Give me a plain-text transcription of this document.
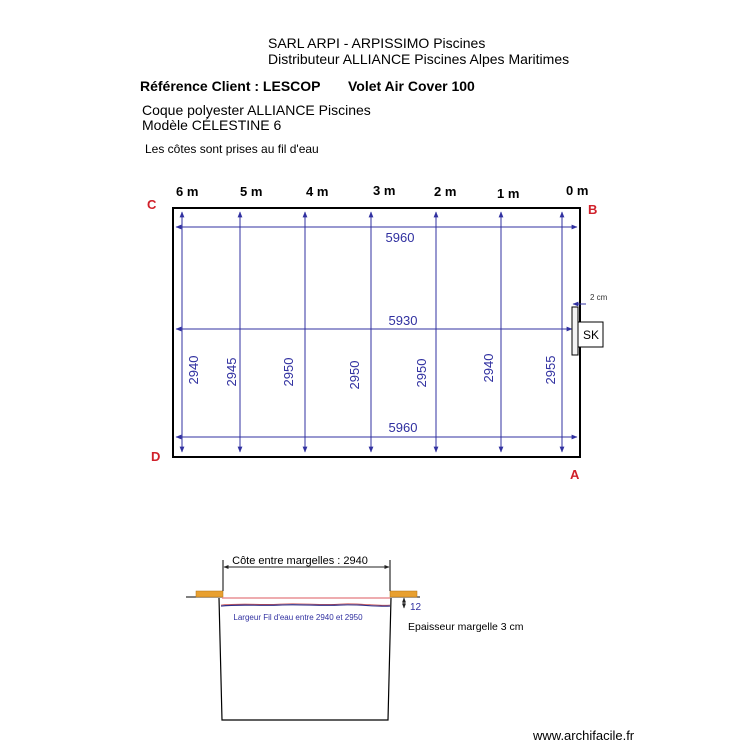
SARL ARPI - ARPISSIMO Piscines
Distributeur ALLIANCE Piscines Alpes Maritimes
Référence Client : LESCOP Volet Air Cover 100
Coque polyester ALLIANCE Piscines
Modèle CÉLESTINE 6
Les côtes sont prises au fil d'eau
6 m	5 m	4 m	3 m	2 m	1 m	0 m
C	B
D
A
5960
5930
5960
2940 2945	2950	2950	2950	2940	2955
SK
2 cm
Côte entre margelles : 2940
Largeur Fil d'eau entre 2940 et 2950
12
Epaisseur margelle 3 cm
www.archifacile.fr
